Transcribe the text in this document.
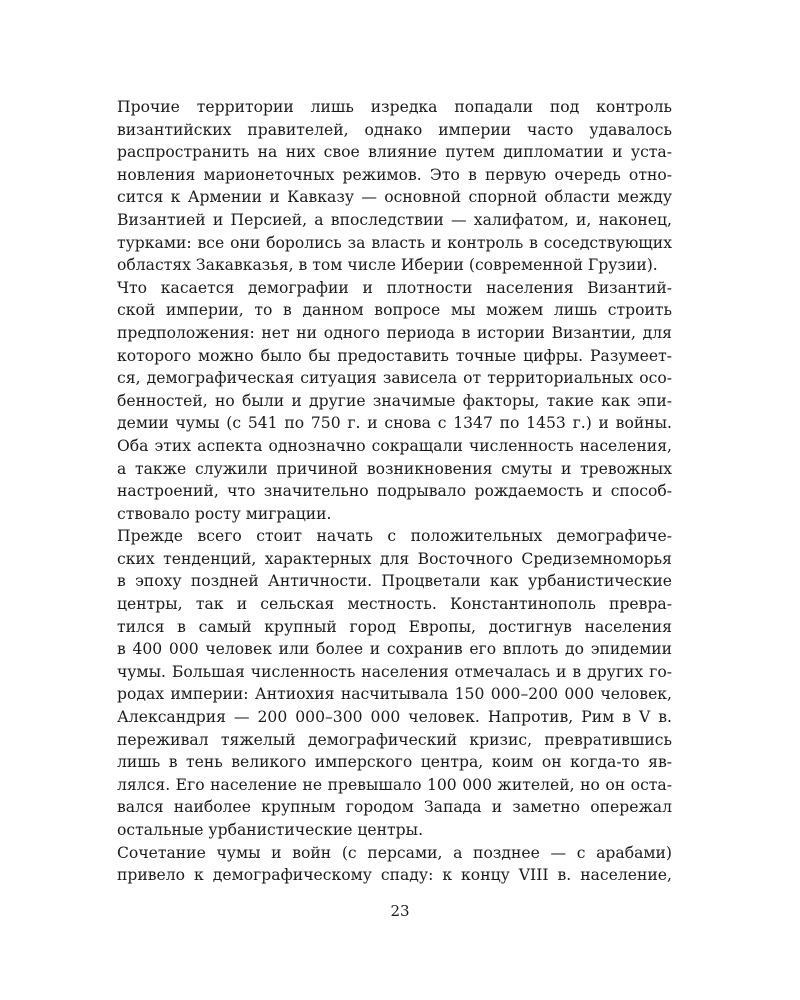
Прочие территории лишь изредка попадали под контроль
византийских правителей, однако империи часто удавалось
распространить на них свое влияние путем дипломатии и уста-
новления марионеточных режимов. Это в первую очередь отно-
сится к Армении и Кавказу — основной спорной области между
Византией и Персией, а впоследствии — халифатом, и, наконец,
турками: все они боролись за власть и контроль в соседствующих
областях Закавказья, в том числе Иберии (современной Грузии).
Что касается демографии и плотности населения Византий-
ской империи, то в данном вопросе мы можем лишь строить
предположения: нет ни одного периода в истории Византии, для
которого можно было бы предоставить точные цифры. Разумеет-
ся, демографическая ситуация зависела от территориальных осо-
бенностей, но были и другие значимые факторы, такие как эпи-
демии чумы (с 541 по 750 г. и снова с 1347 по 1453 г.) и войны.
Оба этих аспекта однозначно сокращали численность населения,
а также служили причиной возникновения смуты и тревожных
настроений, что значительно подрывало рождаемость и способ-
ствовало росту миграции.
Прежде всего стоит начать с положительных демографиче-
ских тенденций, характерных для Восточного Средиземноморья
в эпоху поздней Античности. Процветали как урбанистические
центры, так и сельская местность. Константинополь превра-
тился в самый крупный город Европы, достигнув населения
в 400 000 человек или более и сохранив его вплоть до эпидемии
чумы. Большая численность населения отмечалась и в других го-
родах империи: Антиохия насчитывала 150 000–200 000 человек,
Александрия — 200 000–300 000 человек. Напротив, Рим в V в.
переживал тяжелый демографический кризис, превратившись
лишь в тень великого имперского центра, коим он когда-то яв-
лялся. Его население не превышало 100 000 жителей, но он оста-
вался наиболее крупным городом Запада и заметно опережал
остальные урбанистические центры.
Сочетание чумы и войн (с персами, а позднее — с арабами)
привело к демографическому спаду: к концу VIII в. население,
23
